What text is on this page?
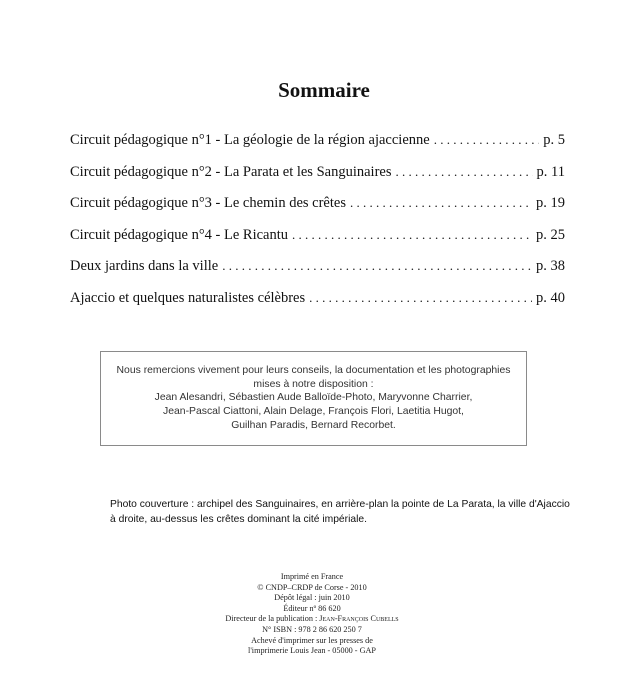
Sommaire
Circuit pédagogique n°1 - La géologie de la région ajaccienne . . .	p. 5
Circuit pédagogique n°2 - La Parata et les Sanguinaires . . .	p. 11
Circuit pédagogique n°3 - Le chemin des crêtes . . .	p. 19
Circuit pédagogique n°4 - Le Ricantu . . .	p. 25
Deux jardins dans la ville . . .	p. 38
Ajaccio et quelques naturalistes célèbres . . .	p. 40
Nous remercions vivement pour leurs conseils, la documentation et les photographies
mises à notre disposition :
Jean Alesandri, Sébastien Aude Balloïde-Photo, Maryvonne Charrier,
Jean-Pascal Ciattoni, Alain Delage, François Flori, Laetitia Hugot,
Guilhan Paradis, Bernard Recorbet.
Photo couverture : archipel des Sanguinaires, en arrière-plan la pointe de La Parata, la ville d'Ajaccio
à droite, au-dessus les crêtes dominant la cité impériale.
Imprimé en France
© CNDP–CRDP de Corse - 2010
Dépôt légal : juin 2010
Éditeur nº 86 620
Directeur de la publication : Jean-François Cubells
N° ISBN : 978 2 86 620 250 7
Achevé d'imprimer sur les presses de
l'imprimerie Louis Jean - 05000 - GAP
